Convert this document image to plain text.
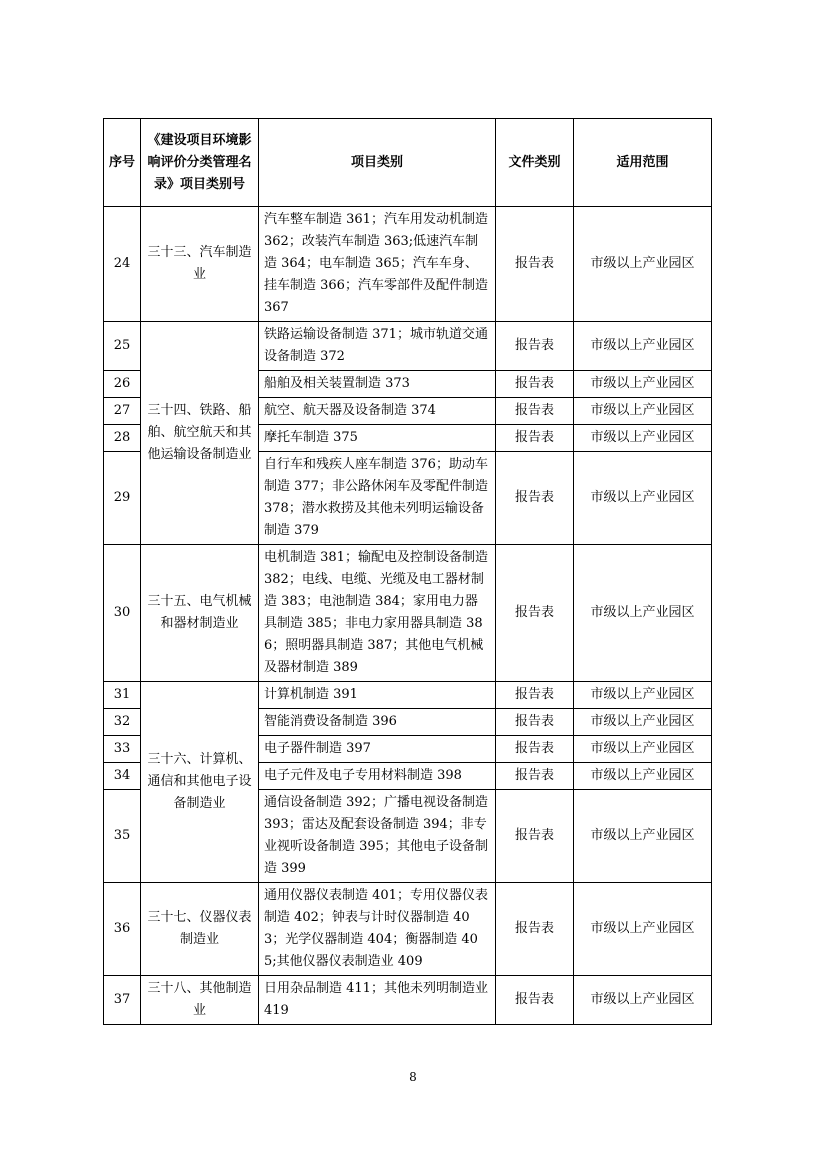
序号	《建设项目环境影响评价分类管理名录》项目类别号	项目类别	文件类别	适用范围
24	三十三、汽车制造业	汽车整车制造 361；汽车用发动机制造 362；改装汽车制造 363;低速汽车制造 364；电车制造 365；汽车车身、挂车制造 366；汽车零部件及配件制造 367	报告表	市级以上产业园区
25	三十四、铁路、船舶、航空航天和其他运输设备制造业	铁路运输设备制造 371；城市轨道交通设备制造 372	报告表	市级以上产业园区
26		船舶及相关装置制造 373	报告表	市级以上产业园区
27		航空、航天器及设备制造 374	报告表	市级以上产业园区
28		摩托车制造 375	报告表	市级以上产业园区
29		自行车和残疾人座车制造 376；助动车制造 377；非公路休闲车及零配件制造 378；潜水救捞及其他未列明运输设备制造 379	报告表	市级以上产业园区
30	三十五、电气机械和器材制造业	电机制造 381；输配电及控制设备制造 382；电线、电缆、光缆及电工器材制造 383；电池制造 384；家用电力器具制造 385；非电力家用器具制造 386；照明器具制造 387；其他电气机械及器材制造 389	报告表	市级以上产业园区
31	三十六、计算机、通信和其他电子设备制造业	计算机制造 391	报告表	市级以上产业园区
32		智能消费设备制造 396	报告表	市级以上产业园区
33		电子器件制造 397	报告表	市级以上产业园区
34		电子元件及电子专用材料制造 398	报告表	市级以上产业园区
35		通信设备制造 392；广播电视设备制造 393；雷达及配套设备制造 394；非专业视听设备制造 395；其他电子设备制造 399	报告表	市级以上产业园区
36	三十七、仪器仪表制造业	通用仪器仪表制造 401；专用仪器仪表制造 402；钟表与计时仪器制造 403；光学仪器制造 404；衡器制造 405;其他仪器仪表制造业 409	报告表	市级以上产业园区
37	三十八、其他制造业	日用杂品制造 411；其他未列明制造业 419	报告表	市级以上产业园区
8
